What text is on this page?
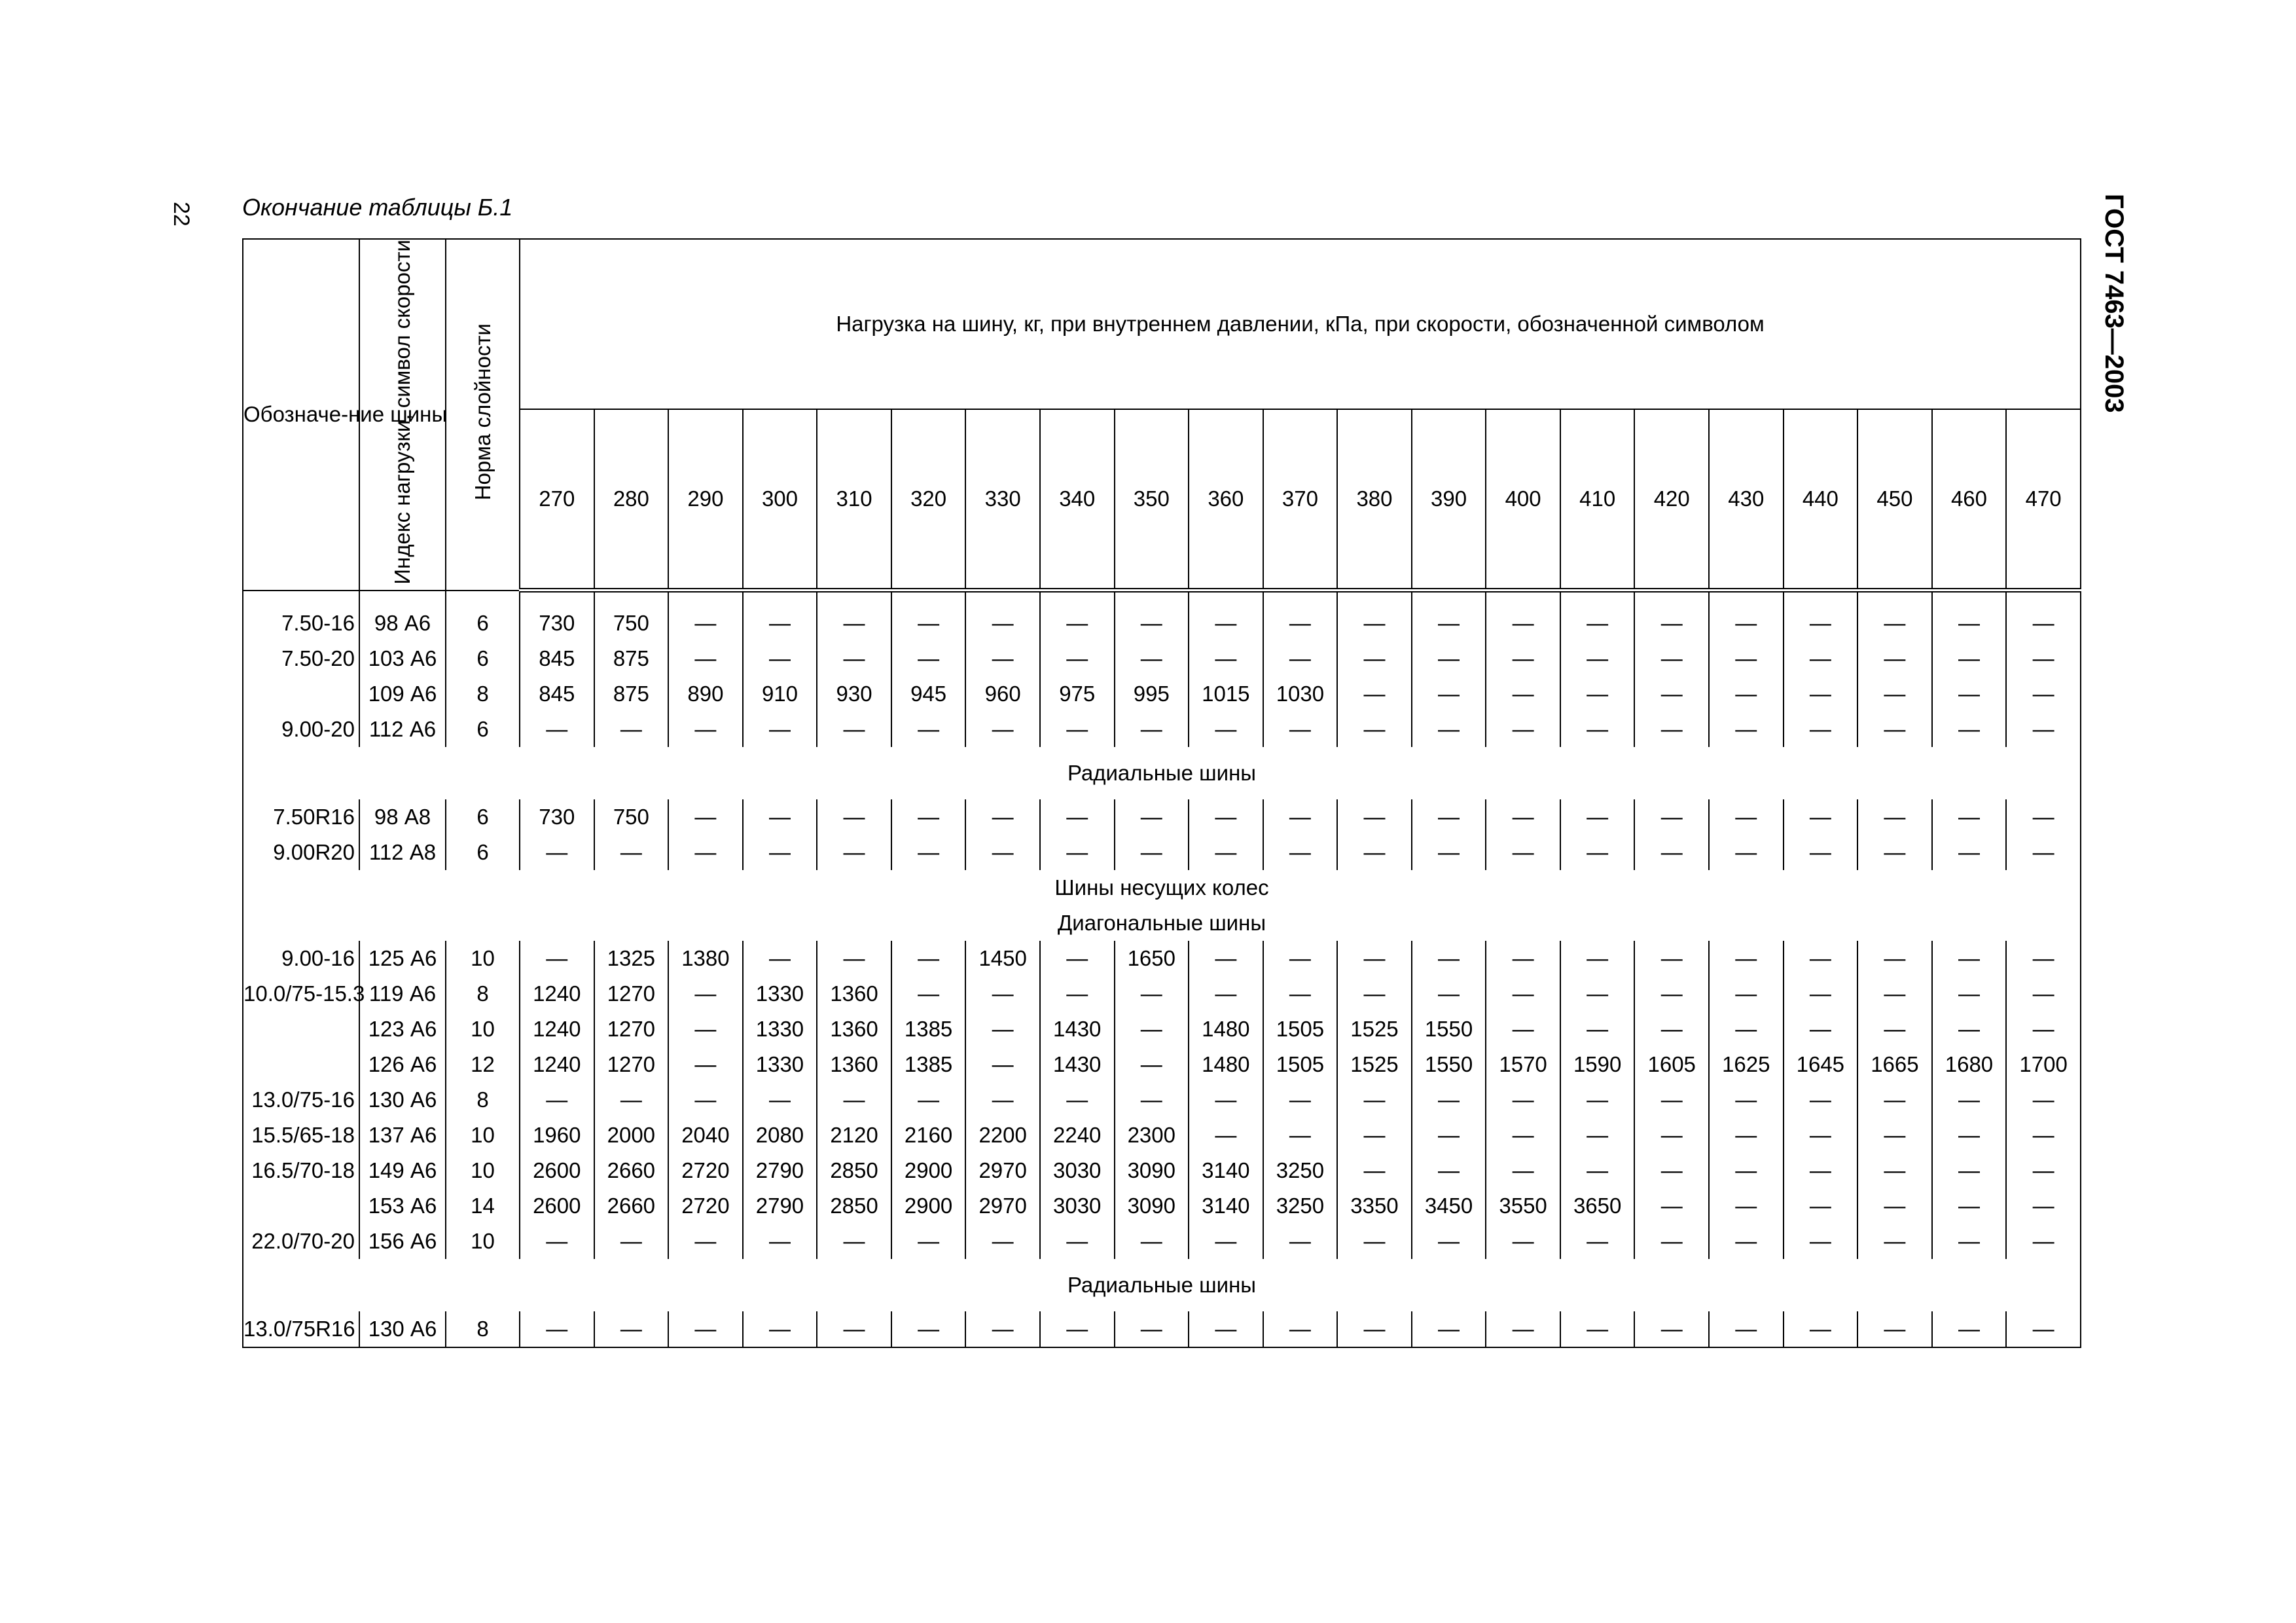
22	ГОСТ 7463—2003
Окончание таблицы Б.1
Обозначе-ние шины	Индекс нагрузки, символ скорости	Норма слойности	Нагрузка на шину, кг, при внутреннем давлении, кПа, при скорости, обозначенной символом																				
			270	280	290	300	310	320	330	340	350	360	370	380	390	400	410	420	430	440	450	460	470

7.50-16	98 А6	6	730	750	—	—	—	—	—	—	—	—	—	—	—	—	—	—	—	—	—	—	—
7.50-20	103 А6	6	845	875	—	—	—	—	—	—	—	—	—	—	—	—	—	—	—	—	—	—	—
	109 А6	8	845	875	890	910	930	945	960	975	995	1015	1030	—	—	—	—	—	—	—	—	—	—
9.00-20	112 А6	6	—	—	—	—	—	—	—	—	—	—	—	—	—	—	—	—	—	—	—	—	—
Радиальные шины																							
7.50R16	98 А8	6	730	750	—	—	—	—	—	—	—	—	—	—	—	—	—	—	—	—	—	—	—
9.00R20	112 А8	6	—	—	—	—	—	—	—	—	—	—	—	—	—	—	—	—	—	—	—	—	—
Шины несущих колес																							
Диагональные шины																							
9.00-16	125 А6	10	—	1325	1380	—	—	—	1450	—	1650	—	—	—	—	—	—	—	—	—	—	—	—
10.0/75-15.3	119 А6	8	1240	1270	—	1330	1360	—	—	—	—	—	—	—	—	—	—	—	—	—	—	—	—
	123 А6	10	1240	1270	—	1330	1360	1385	—	1430	—	1480	1505	1525	1550	—	—	—	—	—	—	—	—
	126 А6	12	1240	1270	—	1330	1360	1385	—	1430	—	1480	1505	1525	1550	1570	1590	1605	1625	1645	1665	1680	1700
13.0/75-16	130 А6	8	—	—	—	—	—	—	—	—	—	—	—	—	—	—	—	—	—	—	—	—	—
15.5/65-18	137 А6	10	1960	2000	2040	2080	2120	2160	2200	2240	2300	—	—	—	—	—	—	—	—	—	—	—	—
16.5/70-18	149 А6	10	2600	2660	2720	2790	2850	2900	2970	3030	3090	3140	3250	—	—	—	—	—	—	—	—	—	—
	153 А6	14	2600	2660	2720	2790	2850	2900	2970	3030	3090	3140	3250	3350	3450	3550	3650	—	—	—	—	—	—
22.0/70-20	156 А6	10	—	—	—	—	—	—	—	—	—	—	—	—	—	—	—	—	—	—	—	—	—
Радиальные шины																							
13.0/75R16	130 А6	8	—	—	—	—	—	—	—	—	—	—	—	—	—	—	—	—	—	—	—	—	—
